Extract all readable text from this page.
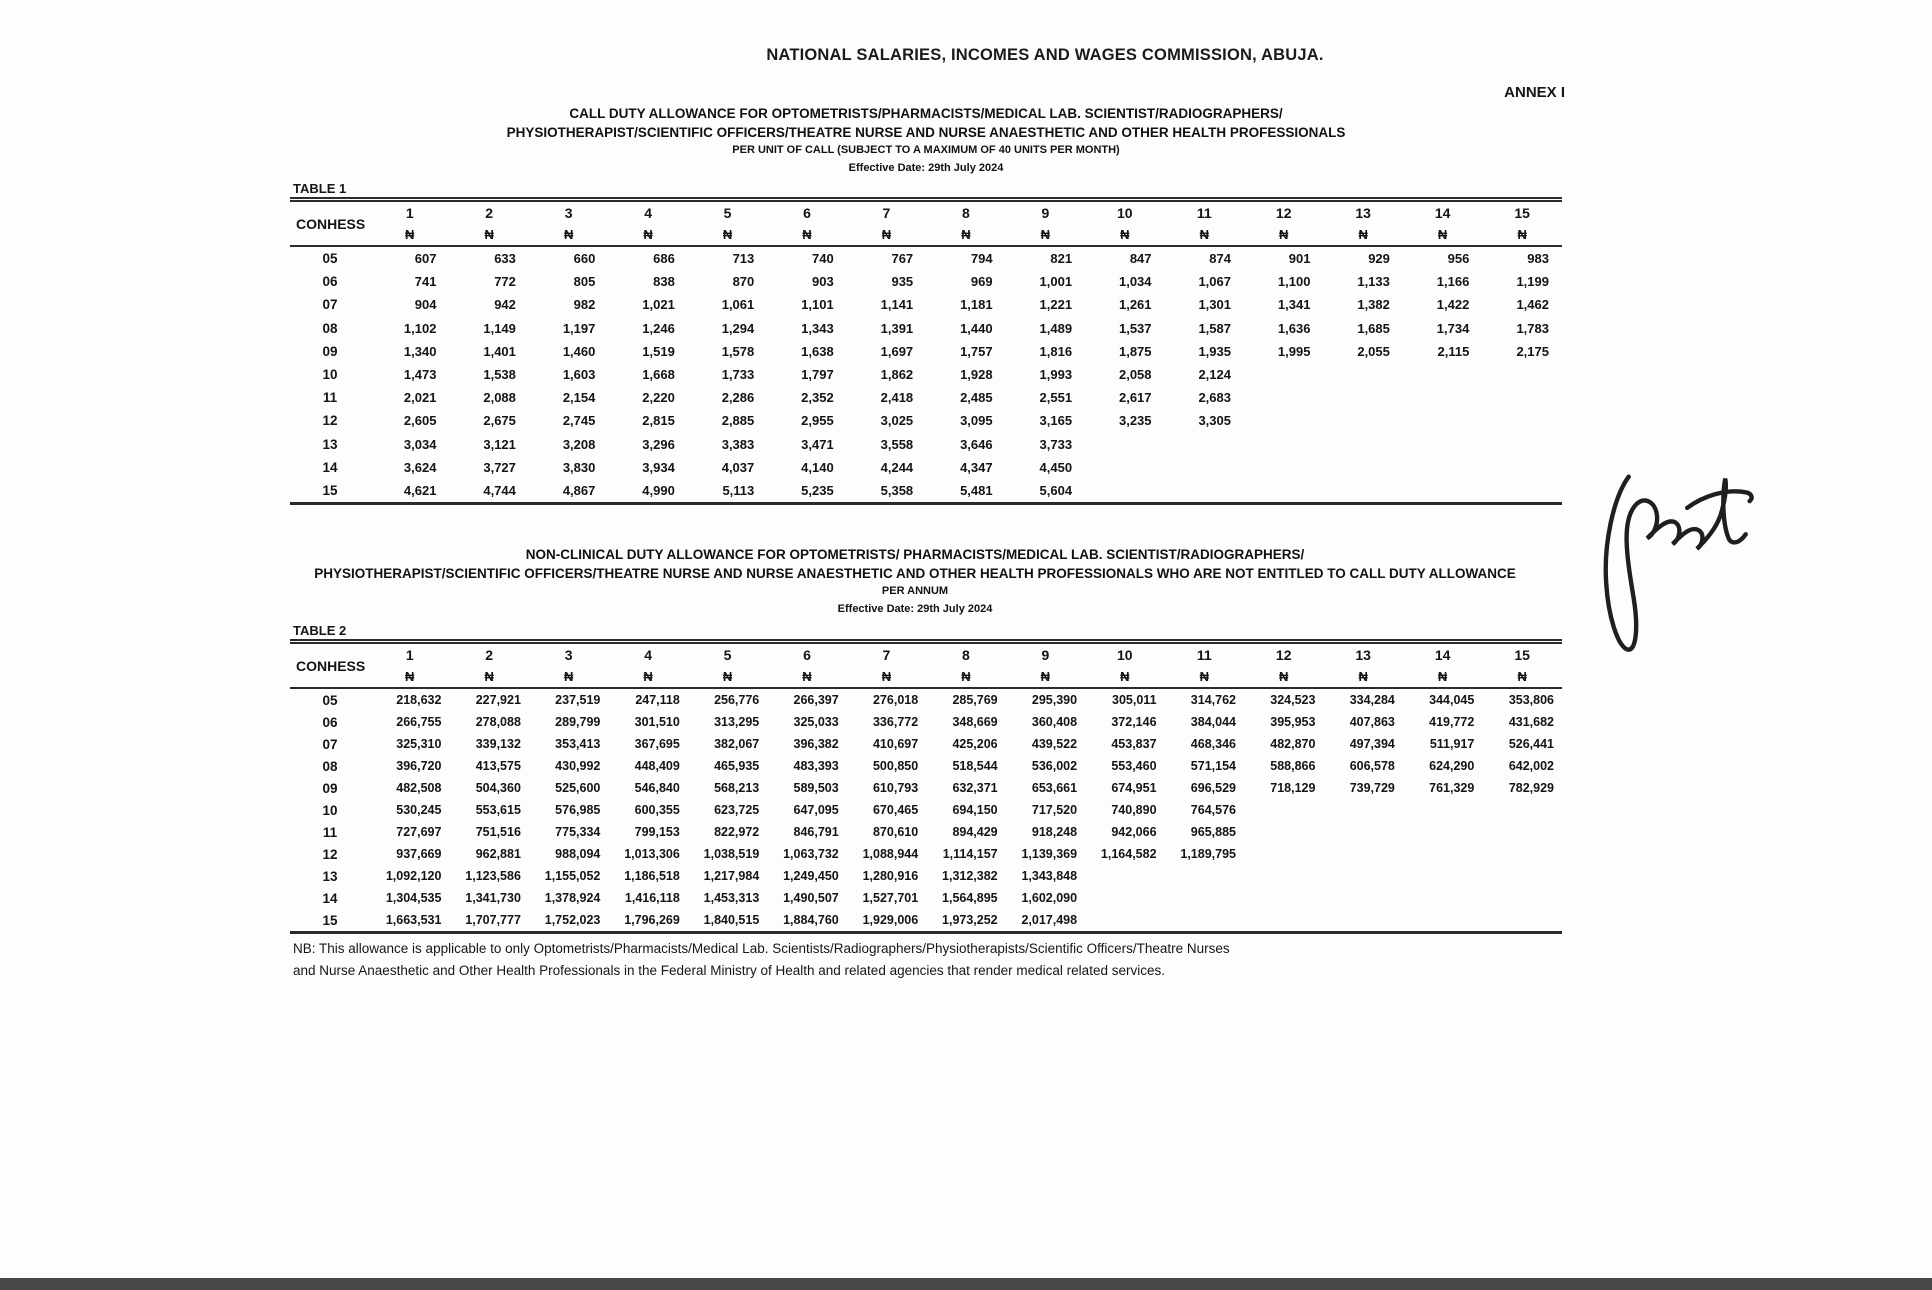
NATIONAL SALARIES, INCOMES AND WAGES COMMISSION, ABUJA.
ANNEX I
CALL DUTY ALLOWANCE FOR OPTOMETRISTS/PHARMACISTS/MEDICAL LAB. SCIENTIST/RADIOGRAPHERS/
PHYSIOTHERAPIST/SCIENTIFIC OFFICERS/THEATRE NURSE AND NURSE ANAESTHETIC AND OTHER HEALTH PROFESSIONALS
PER UNIT OF CALL (SUBJECT TO A MAXIMUM OF 40 UNITS PER MONTH)
Effective Date: 29th July 2024
TABLE 1
CONHESS	1	2	3	4	5	6	7	8	9	10	11	12	13	14	15
	₦	₦	₦	₦	₦	₦	₦	₦	₦	₦	₦	₦	₦	₦	₦
05	607	633	660	686	713	740	767	794	821	847	874	901	929	956	983
06	741	772	805	838	870	903	935	969	1,001	1,034	1,067	1,100	1,133	1,166	1,199
07	904	942	982	1,021	1,061	1,101	1,141	1,181	1,221	1,261	1,301	1,341	1,382	1,422	1,462
08	1,102	1,149	1,197	1,246	1,294	1,343	1,391	1,440	1,489	1,537	1,587	1,636	1,685	1,734	1,783
09	1,340	1,401	1,460	1,519	1,578	1,638	1,697	1,757	1,816	1,875	1,935	1,995	2,055	2,115	2,175
10	1,473	1,538	1,603	1,668	1,733	1,797	1,862	1,928	1,993	2,058	2,124				
11	2,021	2,088	2,154	2,220	2,286	2,352	2,418	2,485	2,551	2,617	2,683				
12	2,605	2,675	2,745	2,815	2,885	2,955	3,025	3,095	3,165	3,235	3,305				
13	3,034	3,121	3,208	3,296	3,383	3,471	3,558	3,646	3,733						
14	3,624	3,727	3,830	3,934	4,037	4,140	4,244	4,347	4,450						
15	4,621	4,744	4,867	4,990	5,113	5,235	5,358	5,481	5,604						
NON-CLINICAL DUTY ALLOWANCE FOR OPTOMETRISTS/ PHARMACISTS/MEDICAL LAB. SCIENTIST/RADIOGRAPHERS/
PHYSIOTHERAPIST/SCIENTIFIC OFFICERS/THEATRE NURSE AND NURSE ANAESTHETIC AND OTHER HEALTH PROFESSIONALS WHO ARE NOT ENTITLED TO CALL DUTY ALLOWANCE
PER ANNUM
Effective Date: 29th July 2024
TABLE 2
CONHESS	1	2	3	4	5	6	7	8	9	10	11	12	13	14	15
	₦	₦	₦	₦	₦	₦	₦	₦	₦	₦	₦	₦	₦	₦	₦
05	218,632	227,921	237,519	247,118	256,776	266,397	276,018	285,769	295,390	305,011	314,762	324,523	334,284	344,045	353,806
06	266,755	278,088	289,799	301,510	313,295	325,033	336,772	348,669	360,408	372,146	384,044	395,953	407,863	419,772	431,682
07	325,310	339,132	353,413	367,695	382,067	396,382	410,697	425,206	439,522	453,837	468,346	482,870	497,394	511,917	526,441
08	396,720	413,575	430,992	448,409	465,935	483,393	500,850	518,544	536,002	553,460	571,154	588,866	606,578	624,290	642,002
09	482,508	504,360	525,600	546,840	568,213	589,503	610,793	632,371	653,661	674,951	696,529	718,129	739,729	761,329	782,929
10	530,245	553,615	576,985	600,355	623,725	647,095	670,465	694,150	717,520	740,890	764,576				
11	727,697	751,516	775,334	799,153	822,972	846,791	870,610	894,429	918,248	942,066	965,885				
12	937,669	962,881	988,094	1,013,306	1,038,519	1,063,732	1,088,944	1,114,157	1,139,369	1,164,582	1,189,795				
13	1,092,120	1,123,586	1,155,052	1,186,518	1,217,984	1,249,450	1,280,916	1,312,382	1,343,848						
14	1,304,535	1,341,730	1,378,924	1,416,118	1,453,313	1,490,507	1,527,701	1,564,895	1,602,090						
15	1,663,531	1,707,777	1,752,023	1,796,269	1,840,515	1,884,760	1,929,006	1,973,252	2,017,498						
NB: This allowance is applicable to only Optometrists/Pharmacists/Medical Lab. Scientists/Radiographers/Physiotherapists/Scientific Officers/Theatre Nurses
and Nurse Anaesthetic and Other Health Professionals in the Federal Ministry of Health and related agencies that render medical related services.
